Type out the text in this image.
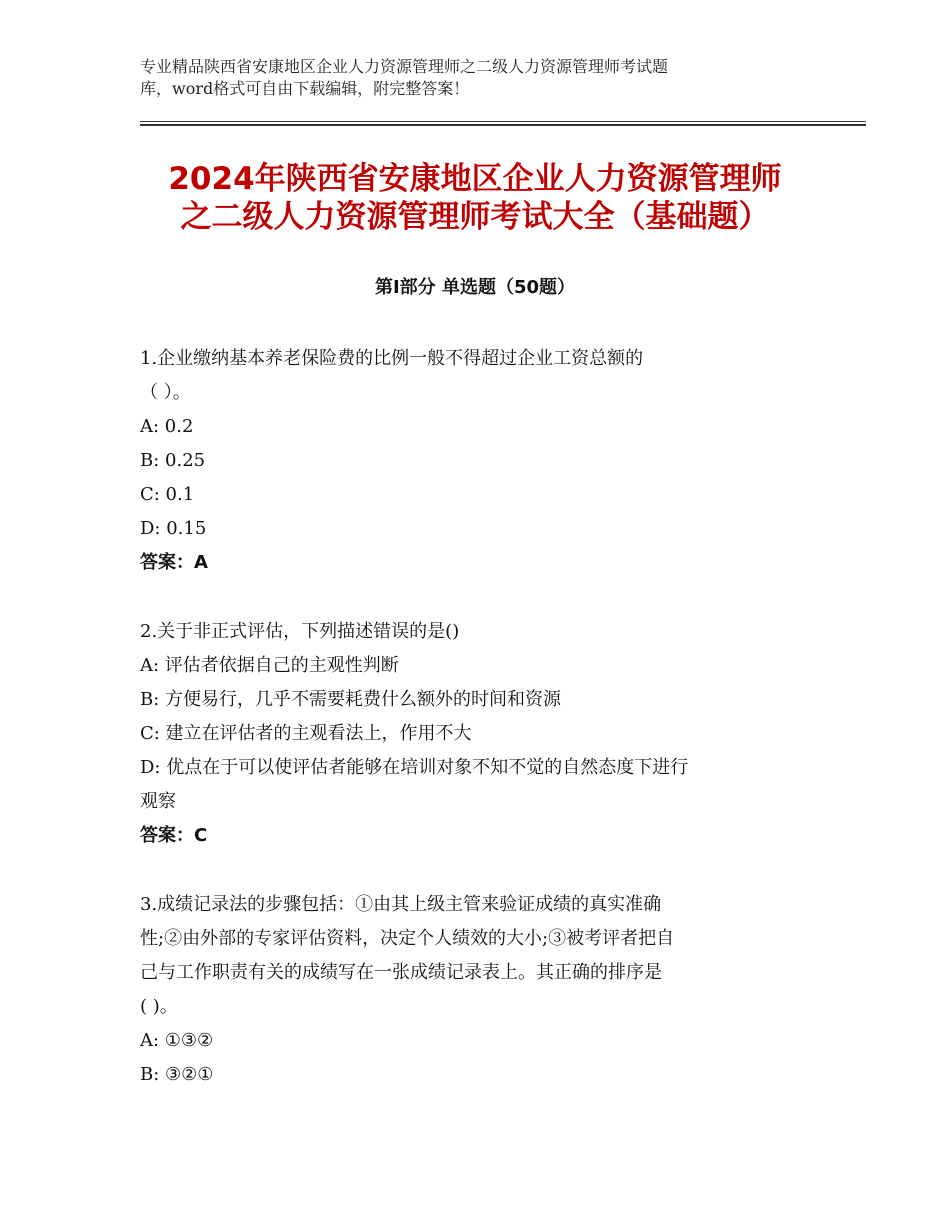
专业精品陕西省安康地区企业人力资源管理师之二级人力资源管理师考试题
库，word格式可自由下载编辑，附完整答案！
2024年陕西省安康地区企业人力资源管理师
之二级人力资源管理师考试大全（基础题）
第Ⅰ部分 单选题（50题）
1.企业缴纳基本养老保险费的比例一般不得超过企业工资总额的
（ ）。
A: 0.2
B: 0.25
C: 0.1
D: 0.15
答案：A
2.关于非正式评估，下列描述错误的是()
A: 评估者依据自己的主观性判断
B: 方便易行，几乎不需要耗费什么额外的时间和资源
C: 建立在评估者的主观看法上，作用不大
D: 优点在于可以使评估者能够在培训对象不知不觉的自然态度下进行
观察
答案：C
3.成绩记录法的步骤包括：①由其上级主管来验证成绩的真实准确
性;②由外部的专家评估资料，决定个人绩效的大小;③被考评者把自
己与工作职责有关的成绩写在一张成绩记录表上。其正确的排序是
( )。
A: ①③②
B: ③②①
